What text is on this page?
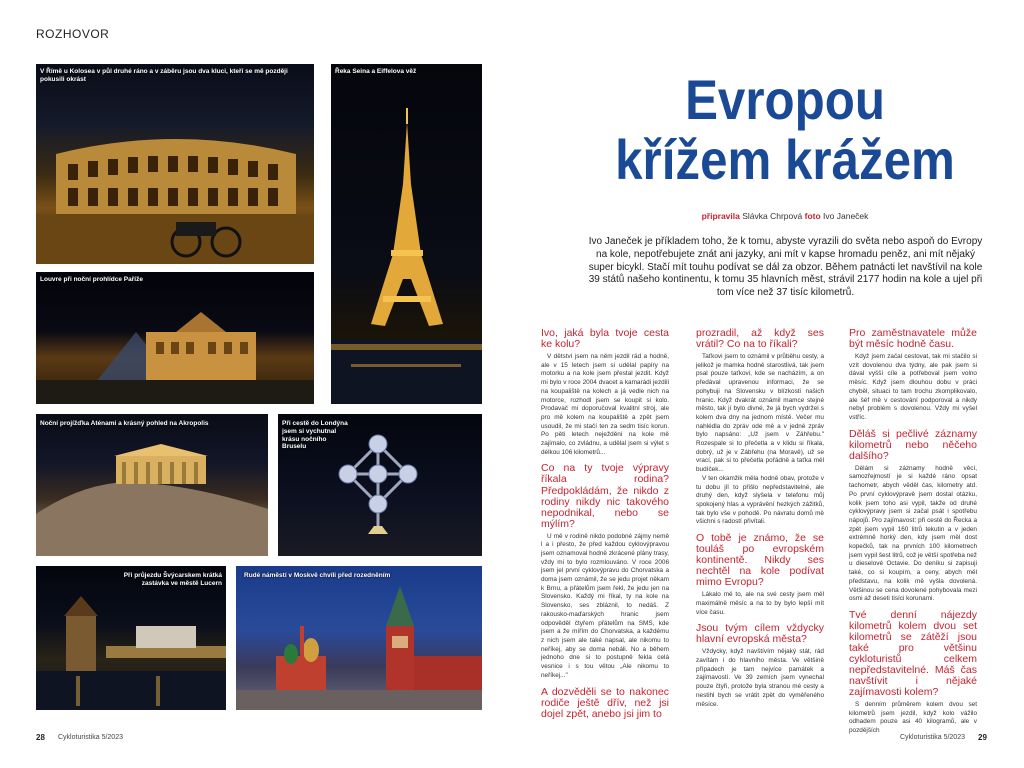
ROZHOVOR
V Římě u Kolosea v půl druhé ráno a v záběru jsou dva kluci, kteří se mě později pokusili okrást
Řeka Seina a Eiffelova věž
Louvre při noční prohlídce Paříže
Noční projížďka Aténami a krásný pohled na Akropolis	Při cestě do Londýna jsem si vychutnal krásu nočního Bruselu
Při průjezdu Švýcarskem krátká zastávka ve městě Lucern
Rudé náměstí v Moskvě chvíli před rozedněním
Evropou
křížem krážem
připravila Slávka Chrpová foto Ivo Janeček
Ivo Janeček je příkladem toho, že k tomu, abyste vyrazili do světa nebo aspoň do Evropy na kole, nepotřebujete znát ani jazyky, ani mít v kapse hromadu peněz, ani mít nějaký super bicykl. Stačí mít touhu podívat se dál za obzor. Během patnácti let navštívil na kole 39 států našeho kontinentu, k tomu 35 hlavních měst, strávil 2177 hodin na kole a ujel při tom více než 37 tisíc kilometrů.
Ivo, jaká byla tvoje cesta ke kolu?

V dětství jsem na něm jezdil rád a hodně, ale v 15 letech jsem si udělal papíry na motorku a na kole jsem přestal jezdit. Když mi bylo v roce 2004 dvacet a kamarádi jezdili na koupaliště na kolech a já vedle nich na motorce, rozhodl jsem se koupit si kolo. Prodavač mi doporučoval kvalitní stroj, ale pro mě kolem na koupaliště a zpět jsem usoudil, že mi stačí ten za sedm tisíc korun. Po pěti letech neježdění na kole mě zajímalo, co zvládnu, a udělal jsem si výlet s délkou 106 kilometrů...

Co na ty tvoje výpravy říkala rodina? Předpokládám, že nikdo z rodiny nikdy nic takového nepodnikal, nebo se mýlím?

U mě v rodině nikdo podobné zájmy nemě l a i přesto, že před každou cyklovýpravou jsem oznamoval hodně zkrácené plány trasy, vždy mi to bylo rozmlouváno. V roce 2006 jsem jel první cyklovýpravu do Chorvatska a doma jsem oznámil, že se jedu projet někam k Brnu, a přátelům jsem řekl, že jedu jen na Slovensko. Každý mi říkal, ty na kole na Slovensko, ses zbláznil, to nedáš. Z rakousko-maďarských hranic jsem odpověděl čtyřem přátelům na SMS, kde jsem a že mířím do Chorvatska, a každému z nich jsem ale také napsal, ale nikomu to neříkej, aby se doma nebáli. No a během jednoho dne si to postupně fekla celá vesnice i s tou větou „Ale nikomu to neříkej..."

A dozvěděli se to nakonec rodiče ještě dřív, než jsi dojel zpět, anebo jsi jim to
prozradil, až když ses vrátil? Co na to říkali?

Taťkovi jsem to oznámil v průběhu cesty, a jelikož je mamka hodně starostlivá, tak jsem psal pouze taťkovi, kde se nacházím, a on předával upravenou informaci, že se pohybuji na Slovensku v blízkosti našich hranic. Když dvakrát oznámil mamce stejné město, tak jí bylo divné, že já bych vydržel s kolem dva dny na jednom místě. Večer mu nahlédla do zpráv ode mě a v jedné zpráv bylo napsáno: „Už jsem v Záhřebu." Rozespale si to přečetla a v klidu si říkala, dobrý, už je v Zábřehu (na Moravě), už se vrací, pak si to přečetla pořádně a taťka měl budíček...

V ten okamžik měla hodně obav, protože v tu dobu jíl to přišlo nepředstavitelné, ale druhý den, když slyšela v telefonu můj spokojený hlas a vyprávění hezkých zážitků, tak bylo vše v pohodě. Po návratu domů mě všichni s radostí přivítali.

O tobě je známo, že se touláš po evropském kontinentě. Nikdy ses nechtěl na kole podívat mimo Evropu?

Lákalo mě to, ale na své cesty jsem měl maximálně měsíc a na to by bylo lepší mít více času.

Jsou tvým cílem vždycky hlavní evropská města?

Vždycky, když navštívím nějaký stát, rád zavítám i do hlavního města. Ve většině případech je tam nejvíce památek a zajímavostí. Ve 39 zemích jsem vynechal pouze čtyři, protože byla stranou mé cesty a nestihl bych se vrátit zpět do vyměřeného měsíce.

Pro zaměstnavatele může být měsíc hodně času.

Když jsem začal cestovat, tak mi stačilo si vzít dovolenou dva týdny, ale pak jsem si dával vyšší cíle a potřeboval jsem volno měsíc. Když jsem dlouhou dobu v práci chyběl, situaci to tam trochu zkomplikovalo, ale šéf mě v cestování podporoval a nikdy nebyl problém s dovolenou. Vždy mi vyšel vstříc.

Děláš si pečlivé záznamy kilometrů nebo něčeho dalšího?

Dělám si záznamy hodně věcí, samozřejmostí je si každé ráno opsat tachometr, abych věděl čas, kilometry atd. Po první cyklovýpravě jsem dostal otázku, kolik jsem toho asi vypil, takže od druhé cyklovýpravy jsem si začal psát i spotřebu nápojů. Pro zajímavost: při cestě do Řecka a zpět jsem vypil 160 litrů tekutin a v jeden extrémně horký den, kdy jsem měl dost kopečků, tak na prvních 100 kilometrech jsem vypil šest litrů, což je větší spotřeba než u dieselové Octavie. Do deníku si zapisuji také, co si koupím, a ceny, abych měl představu, na kolik mě vyšla dovolená. Většinou se cena dovolené pohybovala mezi osmi až deseti tisíci korunami.

Tvé denní nájezdy kilometrů kolem dvou set kilometrů se zátěží jsou také pro většinu cykloturistů celkem nepředstavitelné. Máš čas navštívit i nějaké zajímavosti kolem?

S denním průměrem kolem dvou set kilometrů jsem jezdil, když kolo vážilo odhadem pouze asi 40 kilogramů, ale v pozdějších

28 Cykloturistika 5/2023	Cykloturistika 5/2023 29
